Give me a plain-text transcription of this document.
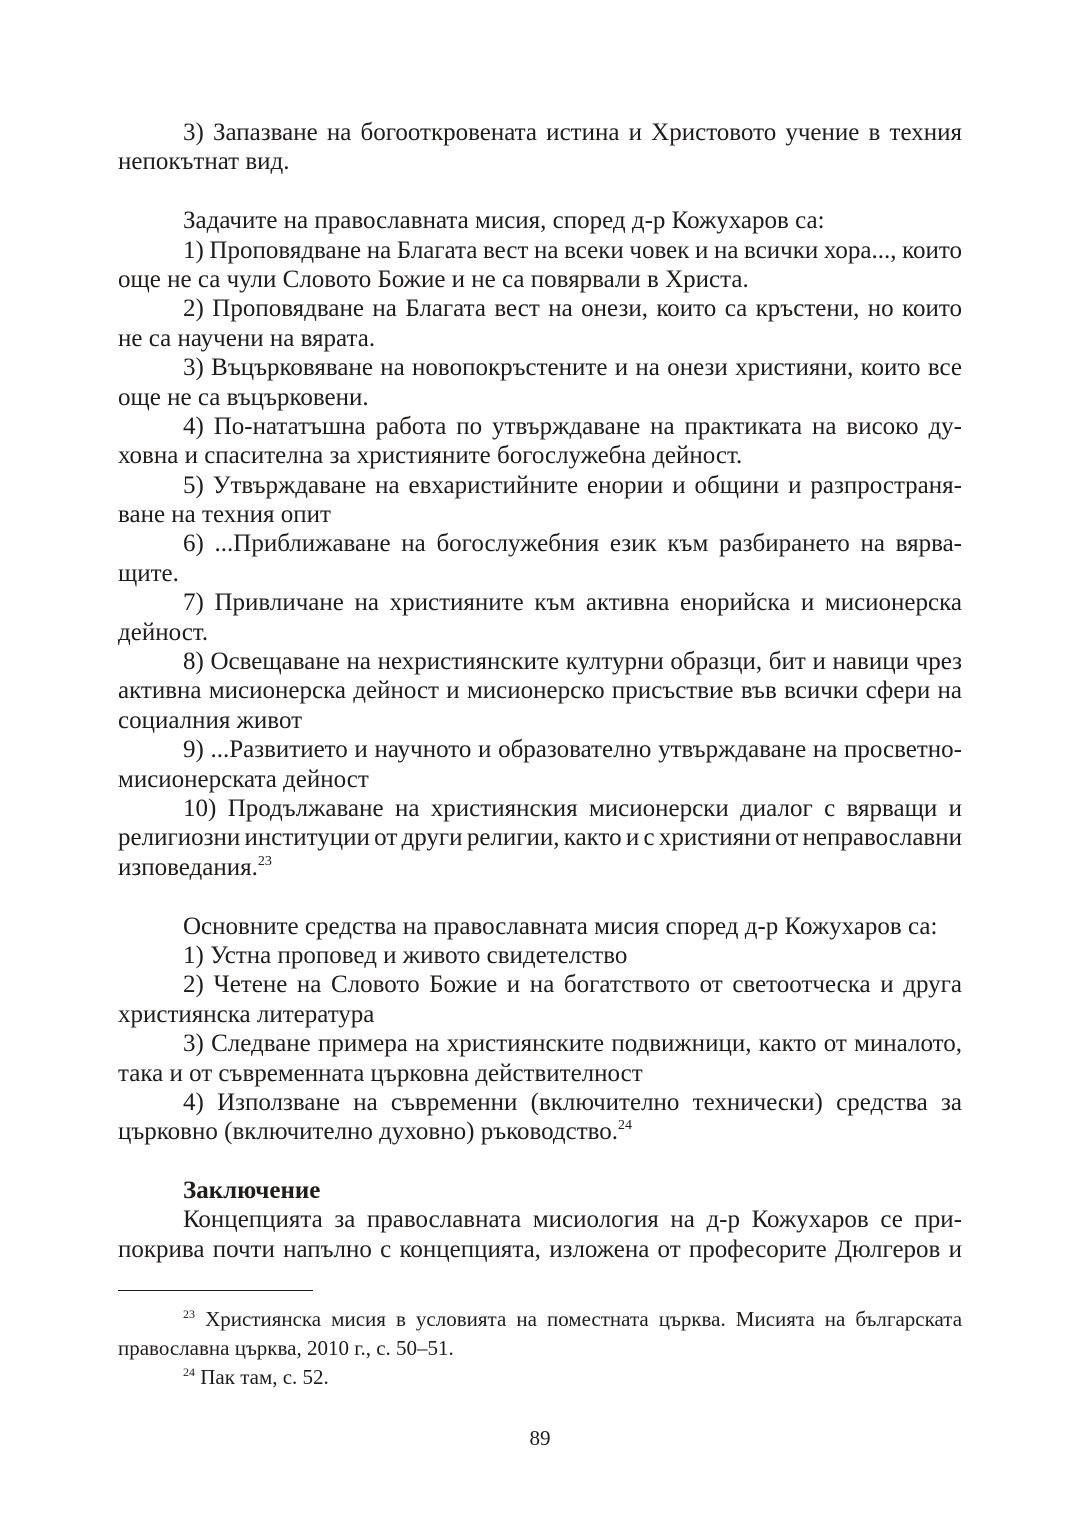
3) Запазване на богооткровената истина и Христовото учение в техния
непокътнат вид.
Задачите на православната мисия, според д-р Кожухаров са:
1) Проповядване на Благата вест на всеки човек и на всички хора..., които
още не са чули Словото Божие и не са повярвали в Христа.
2) Проповядване на Благата вест на онези, които са кръстени, но които
не са научени на вярата.
3) Въцърковяване на новопокръстените и на онези християни, които все
още не са въцърковени.
4) По-нататъшна работа по утвърждаване на практиката на високо ду-
ховна и спасителна за християните богослужебна дейност.
5) Утвърждаване на евхаристийните енории и общини и разпространя-
ване на техния опит
6) ...Приближаване на богослужебния език към разбирането на вярва-
щите.
7) Привличане на християните към активна енорийска и мисионерска
дейност.
8) Освещаване на нехристиянските културни образци, бит и навици чрез
активна мисионерска дейност и мисионерско присъствие във всички сфери на
социалния живот
9) ...Развитието и научното и образователно утвърждаване на просветно-
мисионерската дейност
10) Продължаване на християнския мисионерски диалог с вярващи и
религиозни институции от други религии, както и с християни от неправославни
изповедания.$^{23}$
Основните средства на православната мисия според д-р Кожухаров са:
1) Устна проповед и живото свидетелство
2) Четене на Словото Божие и на богатството от светоотческа и друга
християнска литература
3) Следване примера на християнските подвижници, както от миналото,
така и от съвременната църковна действителност
4) Използване на съвременни (включително технически) средства за
църковно (включително духовно) ръководство.$^{24}$
Заключение
Концепцията за православната мисиология на д-р Кожухаров се при-
покрива почти напълно с концепцията, изложена от професорите Дюлгеров и
$^{23}$ Християнска мисия в условията на поместната църква. Мисията на българската
православна църква, 2010 г., с. 50–51.
$^{24}$ Пак там, с. 52.
89
